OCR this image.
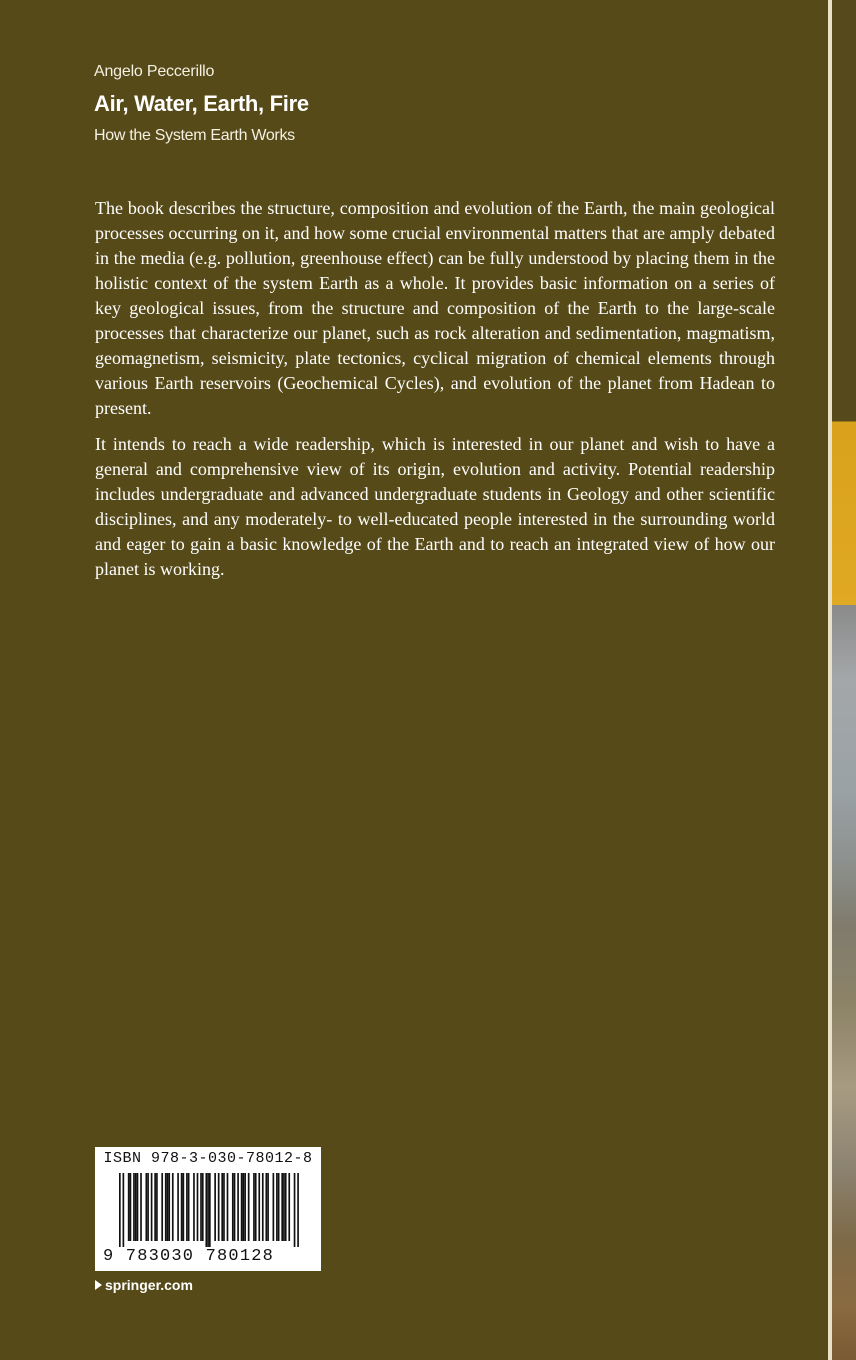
Angelo Peccerillo
Air, Water, Earth, Fire
How the System Earth Works

The book describes the structure, composition and evolution of the Earth, the main geological processes occurring on it, and how some crucial environmental matters that are amply debated in the media (e.g. pollution, greenhouse effect) can be fully understood by placing them in the holistic context of the system Earth as a whole. It provides basic information on a series of key geological issues, from the structure and composition of the Earth to the large-scale processes that characterize our planet, such as rock alteration and sedimentation, magmatism, geomagnetism, seismicity, plate tectonics, cyclical migration of chemical elements through various Earth reservoirs (Geochemical Cycles), and evolution of the planet from Hadean to present.

It intends to reach a wide readership, which is interested in our planet and wish to have a general and comprehensive view of its origin, evolution and activity. Potential readership includes undergraduate and advanced undergraduate students in Geology and other scientific disciplines, and any moderately- to well-educated people interested in the surrounding world and eager to gain a basic knowledge of the Earth and to reach an integrated view of how our planet is working.

ISBN 978-3-030-78012-8
9 783030 780128
springer.com
